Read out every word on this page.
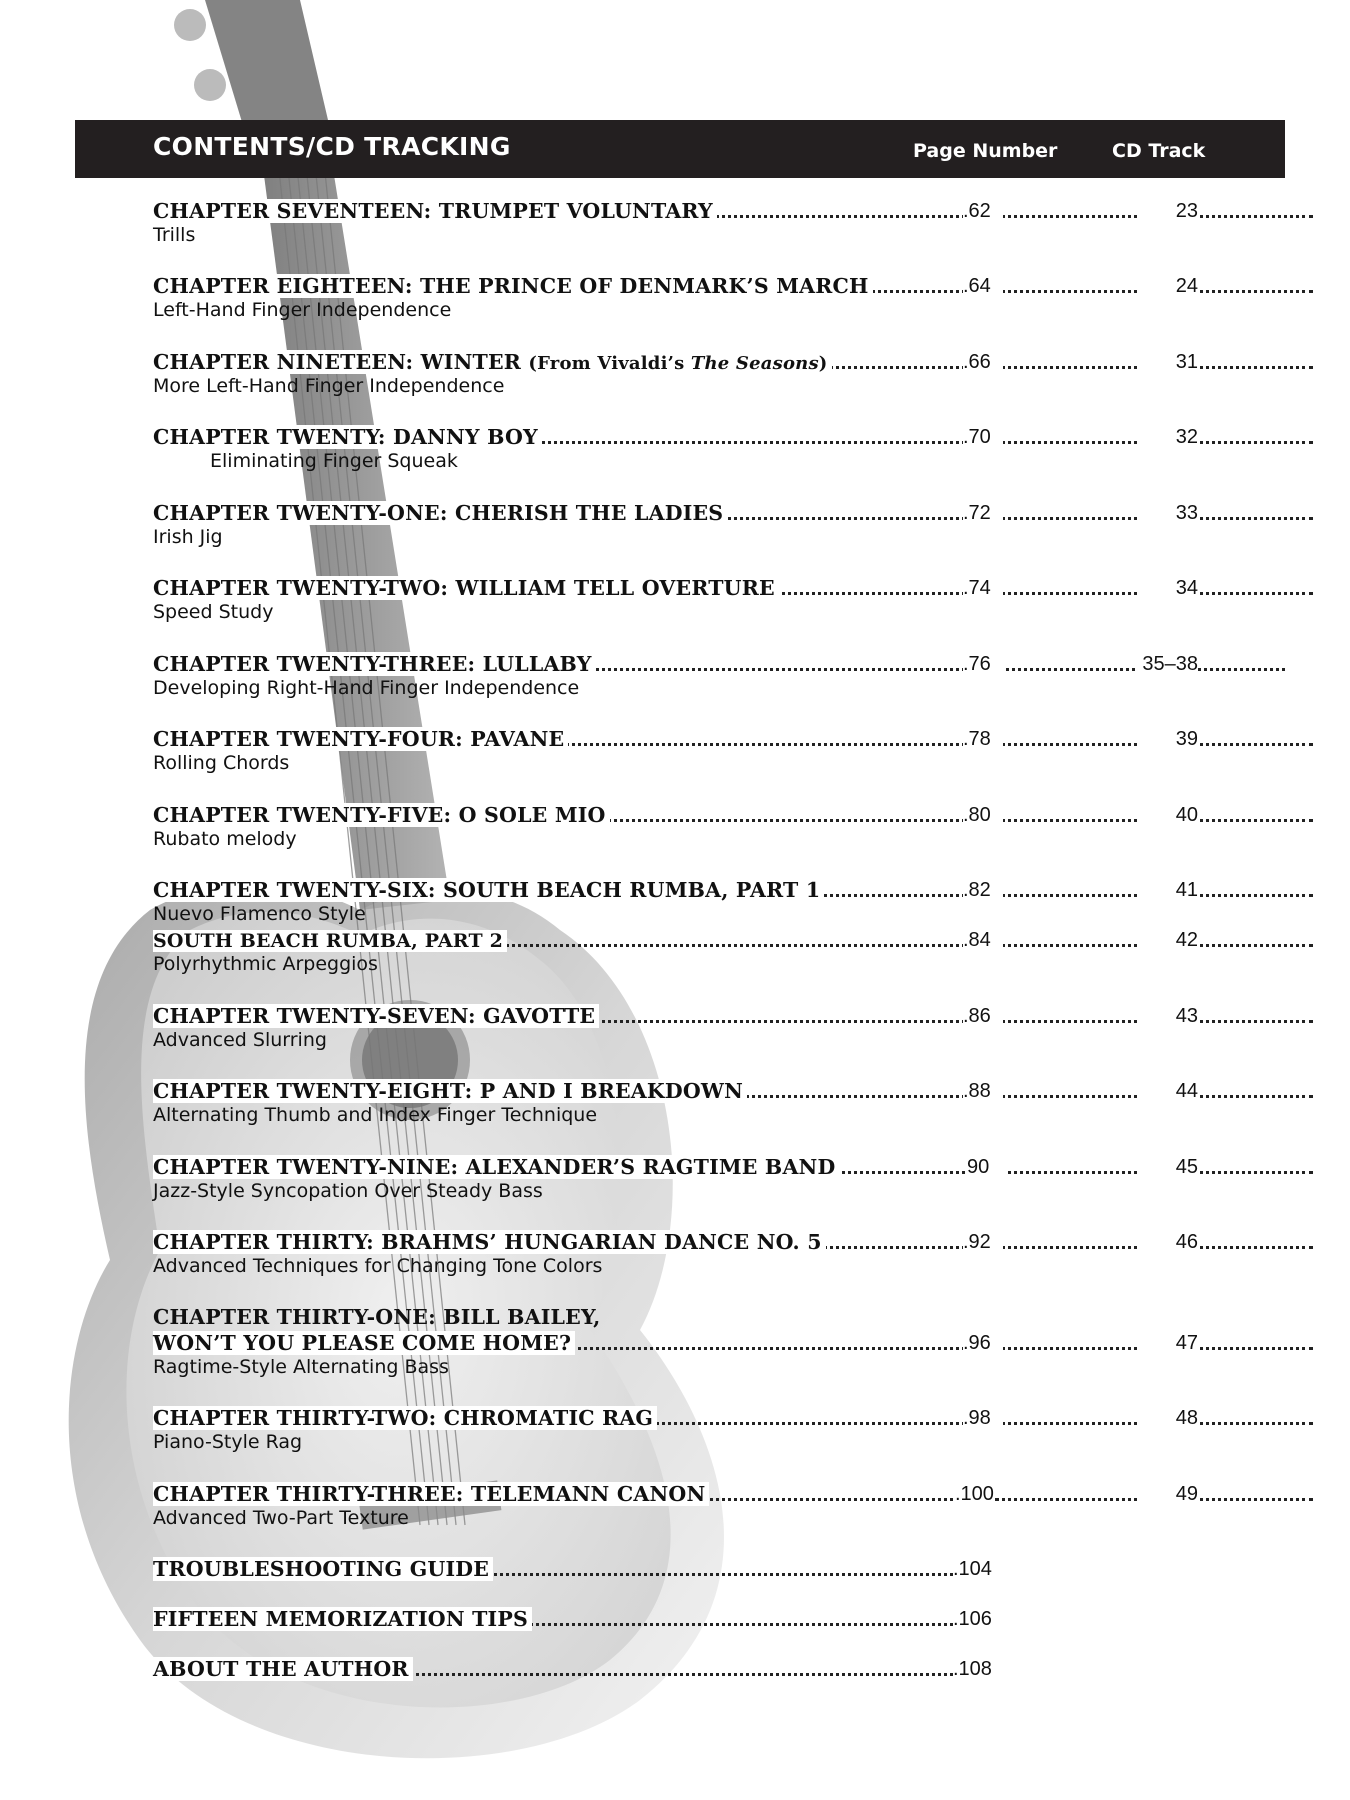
CONTENTS/CD TRACKING	Page Number	CD Track
CHAPTER SEVENTEEN: TRUMPET VOLUNTARY	.62	23
Trills
CHAPTER EIGHTEEN: THE PRINCE OF DENMARK’S MARCH	.64	24
Left-Hand Finger Independence
CHAPTER NINETEEN: WINTER (From Vivaldi’s The Seasons)	.66	31
More Left-Hand Finger Independence
CHAPTER TWENTY: DANNY BOY	.70	32
Eliminating Finger Squeak
CHAPTER TWENTY-ONE: CHERISH THE LADIES	.72	33
Irish Jig
CHAPTER TWENTY-TWO: WILLIAM TELL OVERTURE	.74	34
Speed Study
CHAPTER TWENTY-THREE: LULLABY	.76	35–38
Developing Right-Hand Finger Independence
CHAPTER TWENTY-FOUR: PAVANE	.78	39
Rolling Chords
CHAPTER TWENTY-FIVE: O SOLE MIO	.80	40
Rubato melody
CHAPTER TWENTY-SIX: SOUTH BEACH RUMBA, PART 1	.82	41
Nuevo Flamenco Style
SOUTH BEACH RUMBA, PART 2	.84	42
Polyrhythmic Arpeggios
CHAPTER TWENTY-SEVEN: GAVOTTE	.86	43
Advanced Slurring
CHAPTER TWENTY-EIGHT: P AND I BREAKDOWN	.88	44
Alternating Thumb and Index Finger Technique
CHAPTER TWENTY-NINE: ALEXANDER’S RAGTIME BAND	90	45
Jazz-Style Syncopation Over Steady Bass
CHAPTER THIRTY: BRAHMS’ HUNGARIAN DANCE NO. 5	.92	46
Advanced Techniques for Changing Tone Colors
CHAPTER THIRTY-ONE: BILL BAILEY,
WON’T YOU PLEASE COME HOME?	.96	47
Ragtime-Style Alternating Bass
CHAPTER THIRTY-TWO: CHROMATIC RAG	.98	48
Piano-Style Rag
CHAPTER THIRTY-THREE: TELEMANN CANON	.100	49
Advanced Two-Part Texture
TROUBLESHOOTING GUIDE	.104
FIFTEEN MEMORIZATION TIPS	.106
ABOUT THE AUTHOR	.108
